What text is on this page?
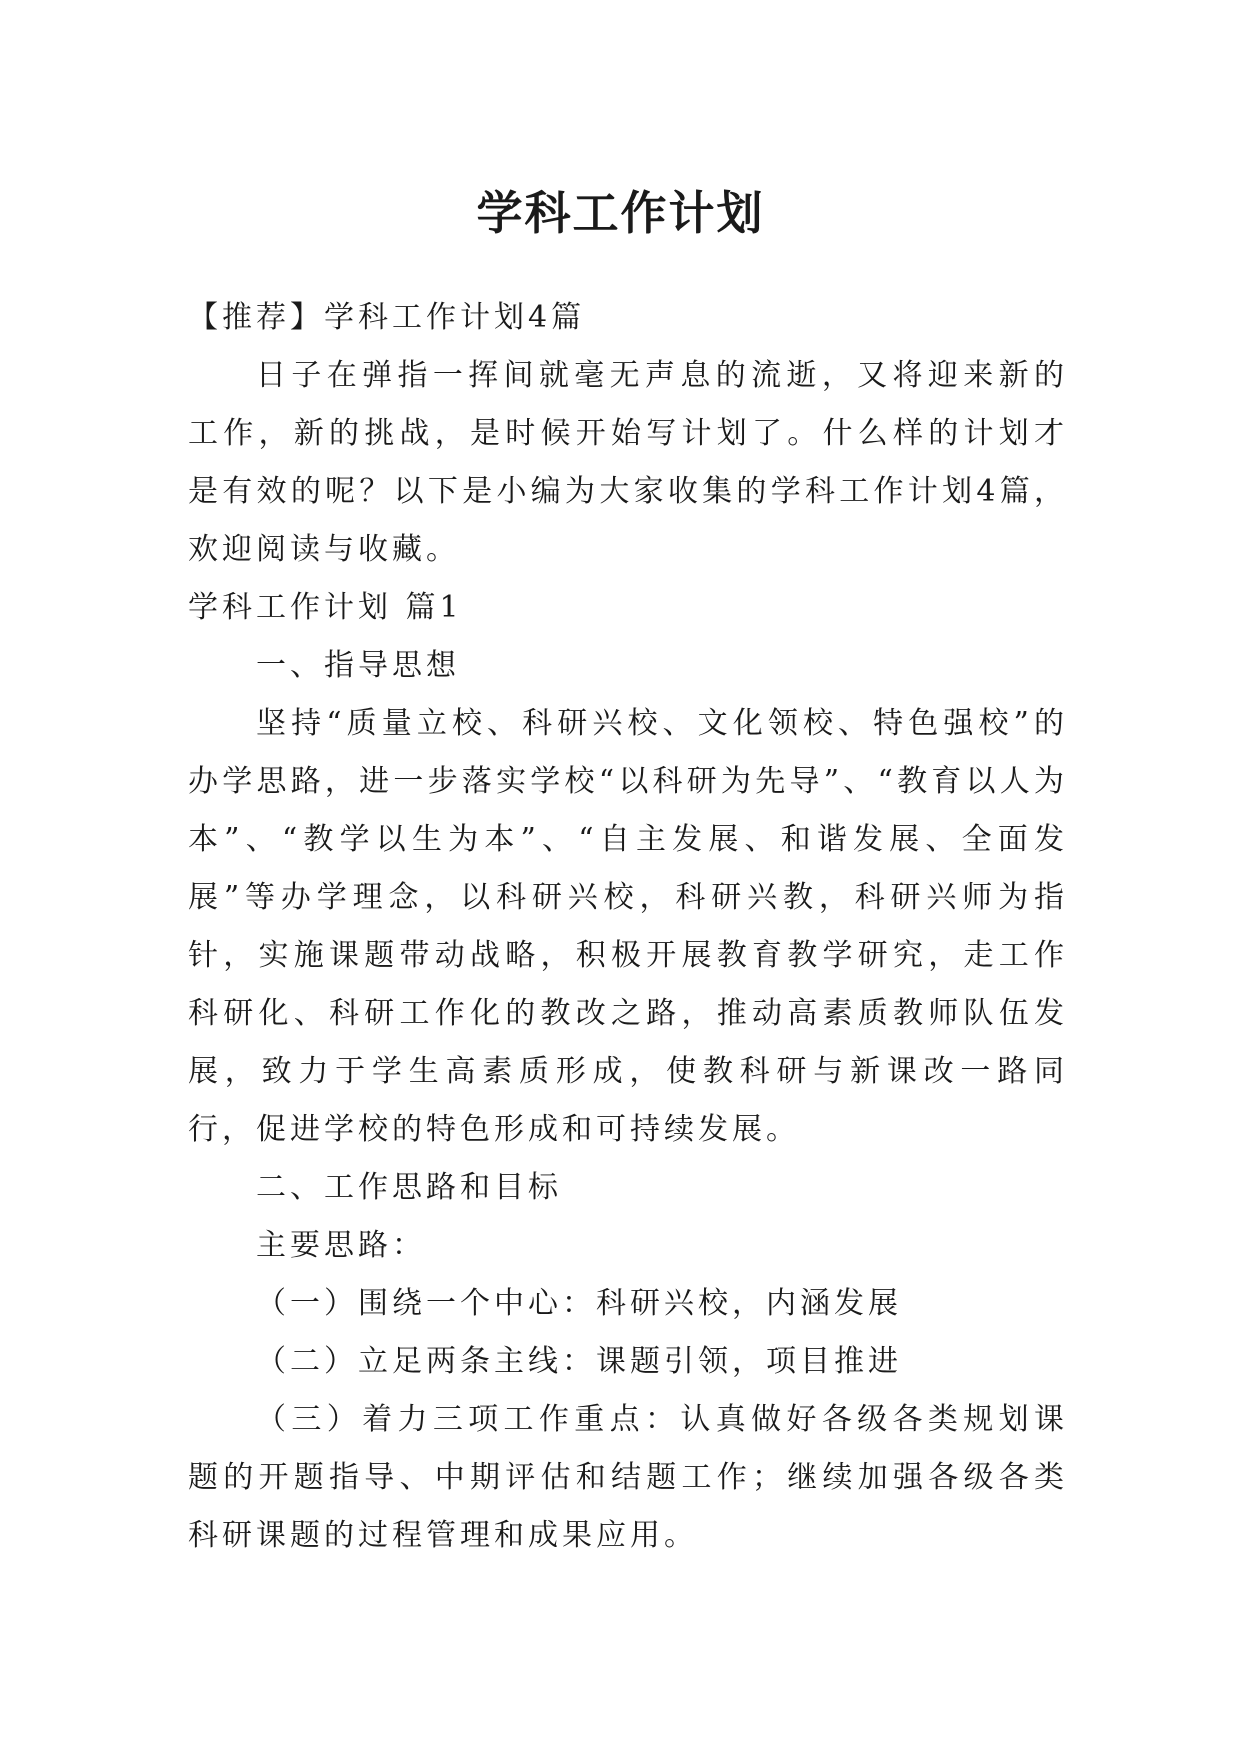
学科工作计划

【推荐】学科工作计划4篇

日子在弹指一挥间就毫无声息的流逝，又将迎来新的工作，新的挑战，是时候开始写计划了。什么样的计划才是有效的呢？以下是小编为大家收集的学科工作计划4篇，欢迎阅读与收藏。

学科工作计划 篇1

一、指导思想

坚持“质量立校、科研兴校、文化领校、特色强校”的办学思路，进一步落实学校“以科研为先导”、“教育以人为本”、“教学以生为本”、“自主发展、和谐发展、全面发展”等办学理念，以科研兴校，科研兴教，科研兴师为指针，实施课题带动战略，积极开展教育教学研究，走工作科研化、科研工作化的教改之路，推动高素质教师队伍发展，致力于学生高素质形成，使教科研与新课改一路同行，促进学校的特色形成和可持续发展。

二、工作思路和目标

主要思路：

（一）围绕一个中心：科研兴校，内涵发展

（二）立足两条主线：课题引领，项目推进

（三）着力三项工作重点：认真做好各级各类规划课题的开题指导、中期评估和结题工作；继续加强各级各类科研课题的过程管理和成果应用。
